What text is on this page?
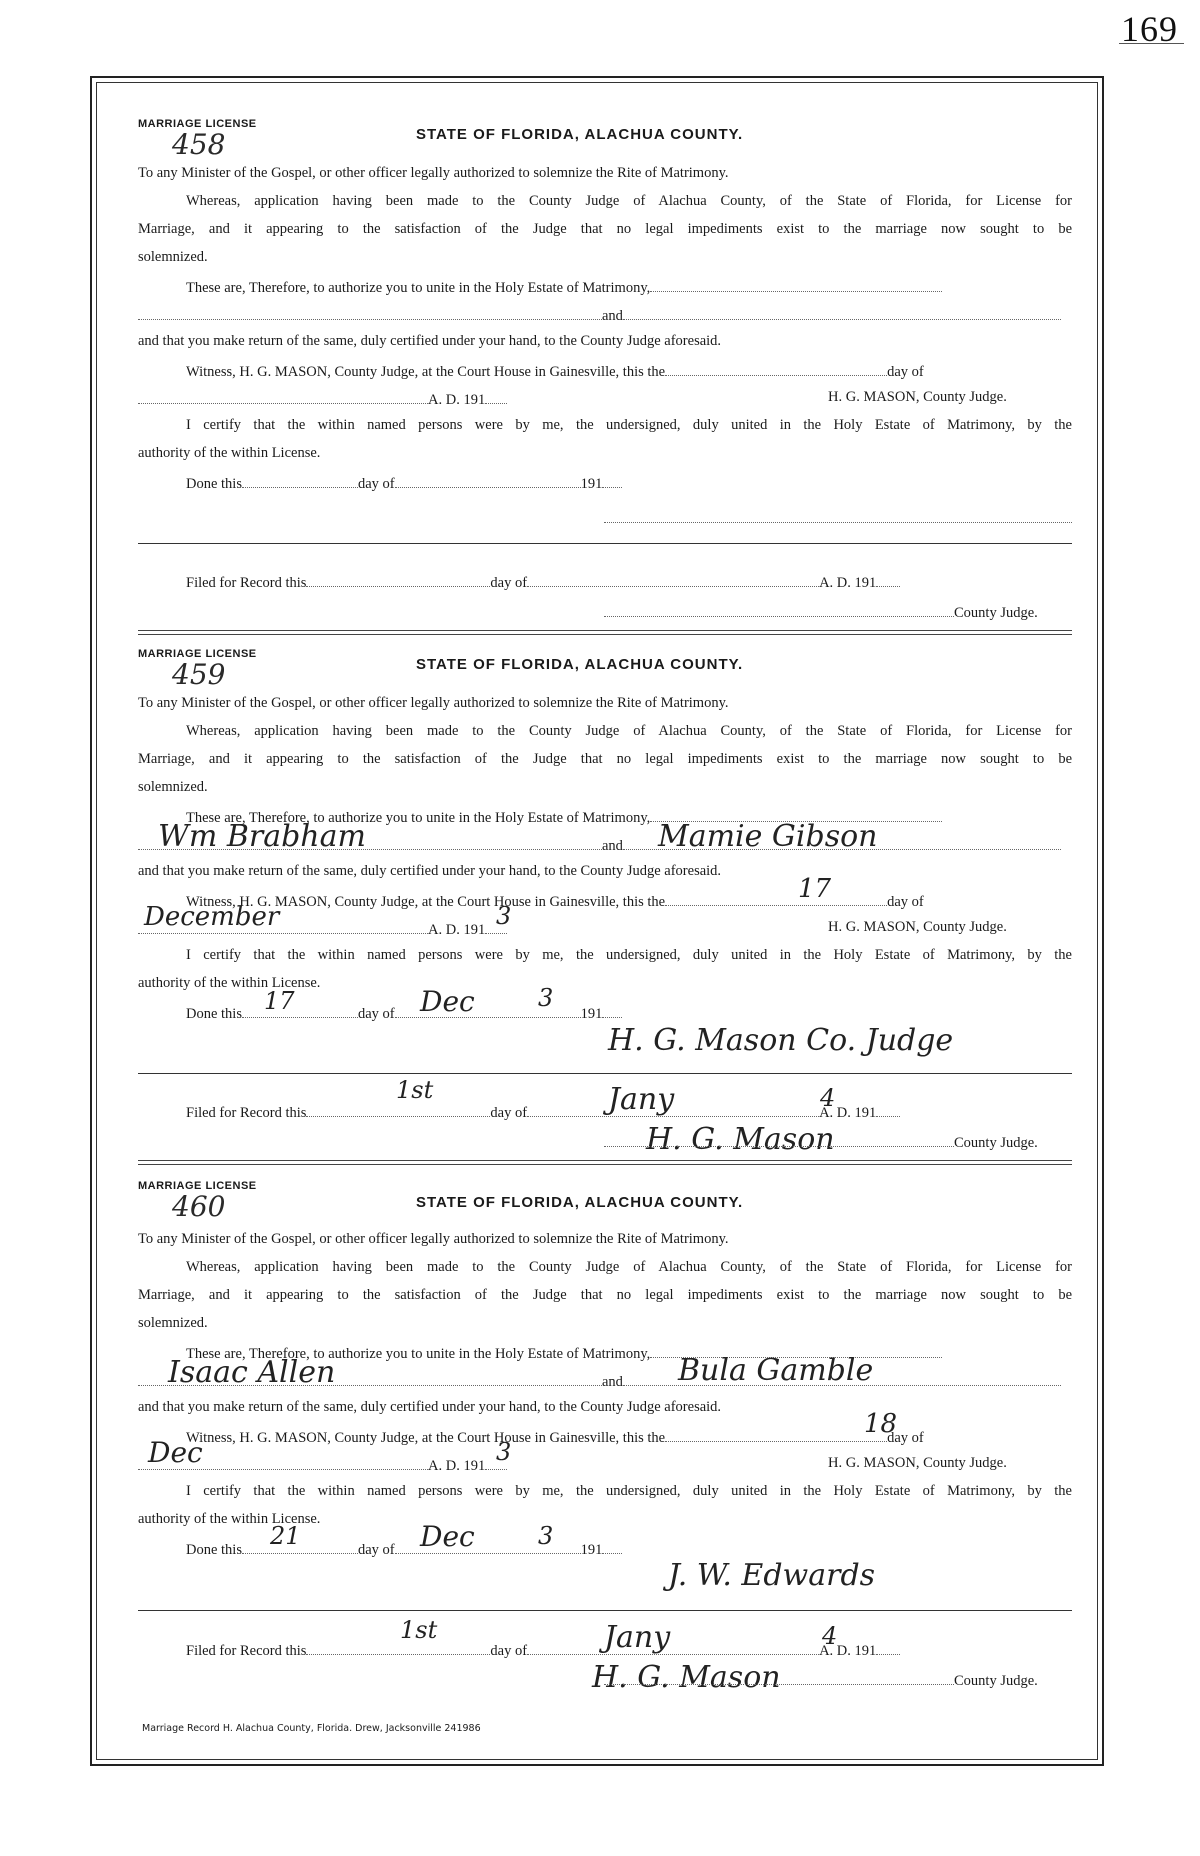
169
MARRIAGE LICENSE
458	STATE OF FLORIDA, ALACHUA COUNTY.
To any Minister of the Gospel, or other officer legally authorized to solemnize the Rite of Matrimony.
Whereas, application having been made to the County Judge of Alachua County, of the State of Florida, for License for
Marriage, and it appearing to the satisfaction of the Judge that no legal impediments exist to the marriage now sought to be
solemnized.
These are, Therefore, to authorize you to unite in the Holy Estate of Matrimony,
and
and that you make return of the same, duly certified under your hand, to the County Judge aforesaid.
Witness, H. G. MASON, County Judge, at the Court House in Gainesville, this the	day of
A. D. 191	H. G. MASON, County Judge.
I certify that the within named persons were by me, the undersigned, duly united in the Holy Estate of Matrimony, by the
authority of the within License.
Done this	day of	191
Filed for Record this	day of	A. D. 191
County Judge.
MARRIAGE LICENSE
459	STATE OF FLORIDA, ALACHUA COUNTY.
To any Minister of the Gospel, or other officer legally authorized to solemnize the Rite of Matrimony.
Whereas, application having been made to the County Judge of Alachua County, of the State of Florida, for License for
Marriage, and it appearing to the satisfaction of the Judge that no legal impediments exist to the marriage now sought to be
solemnized.
These are, Therefore, to authorize you to unite in the Holy Estate of Matrimony,
Wm Brabham	Mamie Gibson
and
and that you make return of the same, duly certified under your hand, to the County Judge aforesaid.
Witness, H. G. MASON, County Judge, at the Court House in Gainesville, this the	day of
17
December	3
A. D. 191	H. G. MASON, County Judge.
I certify that the within named persons were by me, the undersigned, duly united in the Holy Estate of Matrimony, by the
authority of the within License.
Done this	day of	191
17	Dec	3
H. G. Mason Co. Judge
Filed for Record this	day of	A. D. 191
1st	Jany	4
H. G. Mason	County Judge.
MARRIAGE LICENSE
460	STATE OF FLORIDA, ALACHUA COUNTY.
To any Minister of the Gospel, or other officer legally authorized to solemnize the Rite of Matrimony.
Whereas, application having been made to the County Judge of Alachua County, of the State of Florida, for License for
Marriage, and it appearing to the satisfaction of the Judge that no legal impediments exist to the marriage now sought to be
solemnized.
These are, Therefore, to authorize you to unite in the Holy Estate of Matrimony,
Isaac Allen	Bula Gamble
and
and that you make return of the same, duly certified under your hand, to the County Judge aforesaid.
Witness, H. G. MASON, County Judge, at the Court House in Gainesville, this the	day of
18
Dec	3
A. D. 191	H. G. MASON, County Judge.
I certify that the within named persons were by me, the undersigned, duly united in the Holy Estate of Matrimony, by the
authority of the within License.
Done this	day of	191
21	Dec	3
J. W. Edwards
Filed for Record this	day of	A. D. 191
1st	Jany	4
H. G. Mason	County Judge.
Marriage Record H. Alachua County, Florida. Drew, Jacksonville 241986
